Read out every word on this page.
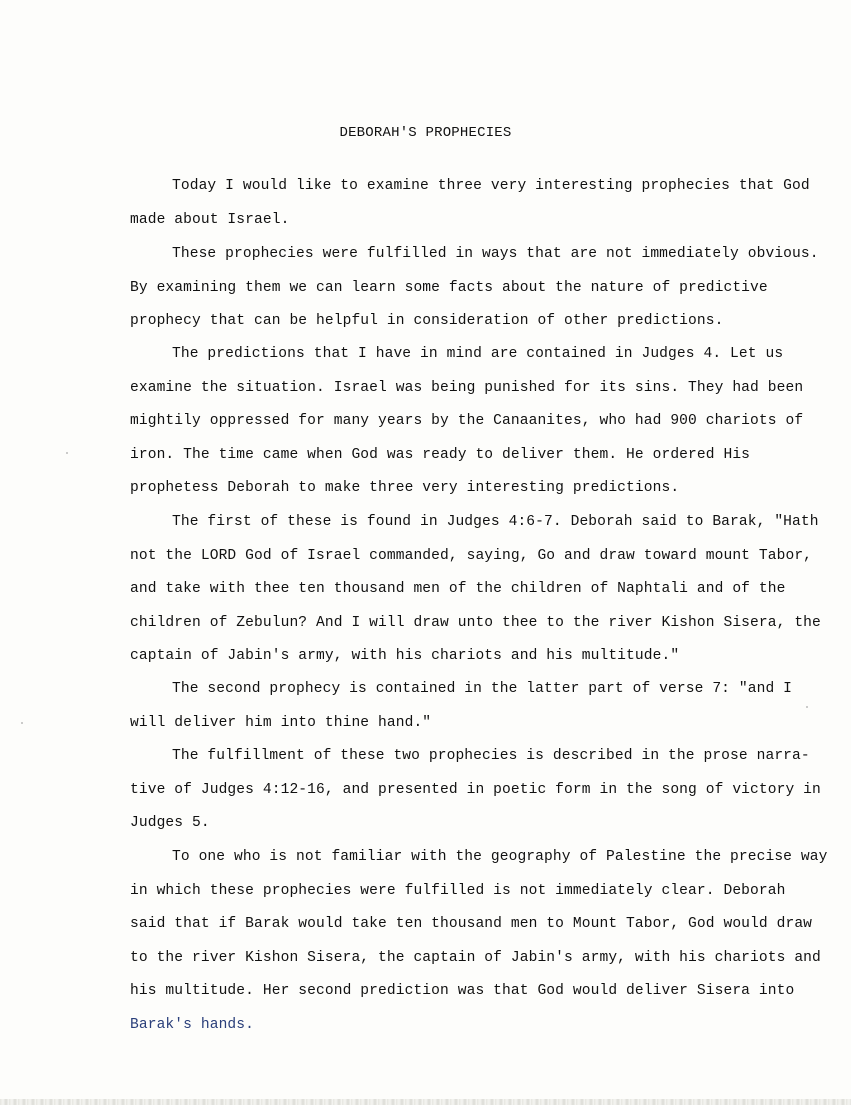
DEBORAH'S PROPHECIES
Today I would like to examine three very interesting prophecies that God
made about Israel.
These prophecies were fulfilled in ways that are not immediately obvious.
By examining them we can learn some facts about the nature of predictive
prophecy that can be helpful in consideration of other predictions.
The predictions that I have in mind are contained in Judges 4. Let us
examine the situation. Israel was being punished for its sins. They had been
mightily oppressed for many years by the Canaanites, who had 900 chariots of
iron. The time came when God was ready to deliver them. He ordered His
prophetess Deborah to make three very interesting predictions.
The first of these is found in Judges 4:6-7. Deborah said to Barak, "Hath
not the LORD God of Israel commanded, saying, Go and draw toward mount Tabor,
and take with thee ten thousand men of the children of Naphtali and of the
children of Zebulun? And I will draw unto thee to the river Kishon Sisera, the
captain of Jabin's army, with his chariots and his multitude."
The second prophecy is contained in the latter part of verse 7: "and I
will deliver him into thine hand."
The fulfillment of these two prophecies is described in the prose narra-
tive of Judges 4:12-16, and presented in poetic form in the song of victory in
Judges 5.
To one who is not familiar with the geography of Palestine the precise way
in which these prophecies were fulfilled is not immediately clear. Deborah
said that if Barak would take ten thousand men to Mount Tabor, God would draw
to the river Kishon Sisera, the captain of Jabin's army, with his chariots and
his multitude. Her second prediction was that God would deliver Sisera into
Barak's hands.
